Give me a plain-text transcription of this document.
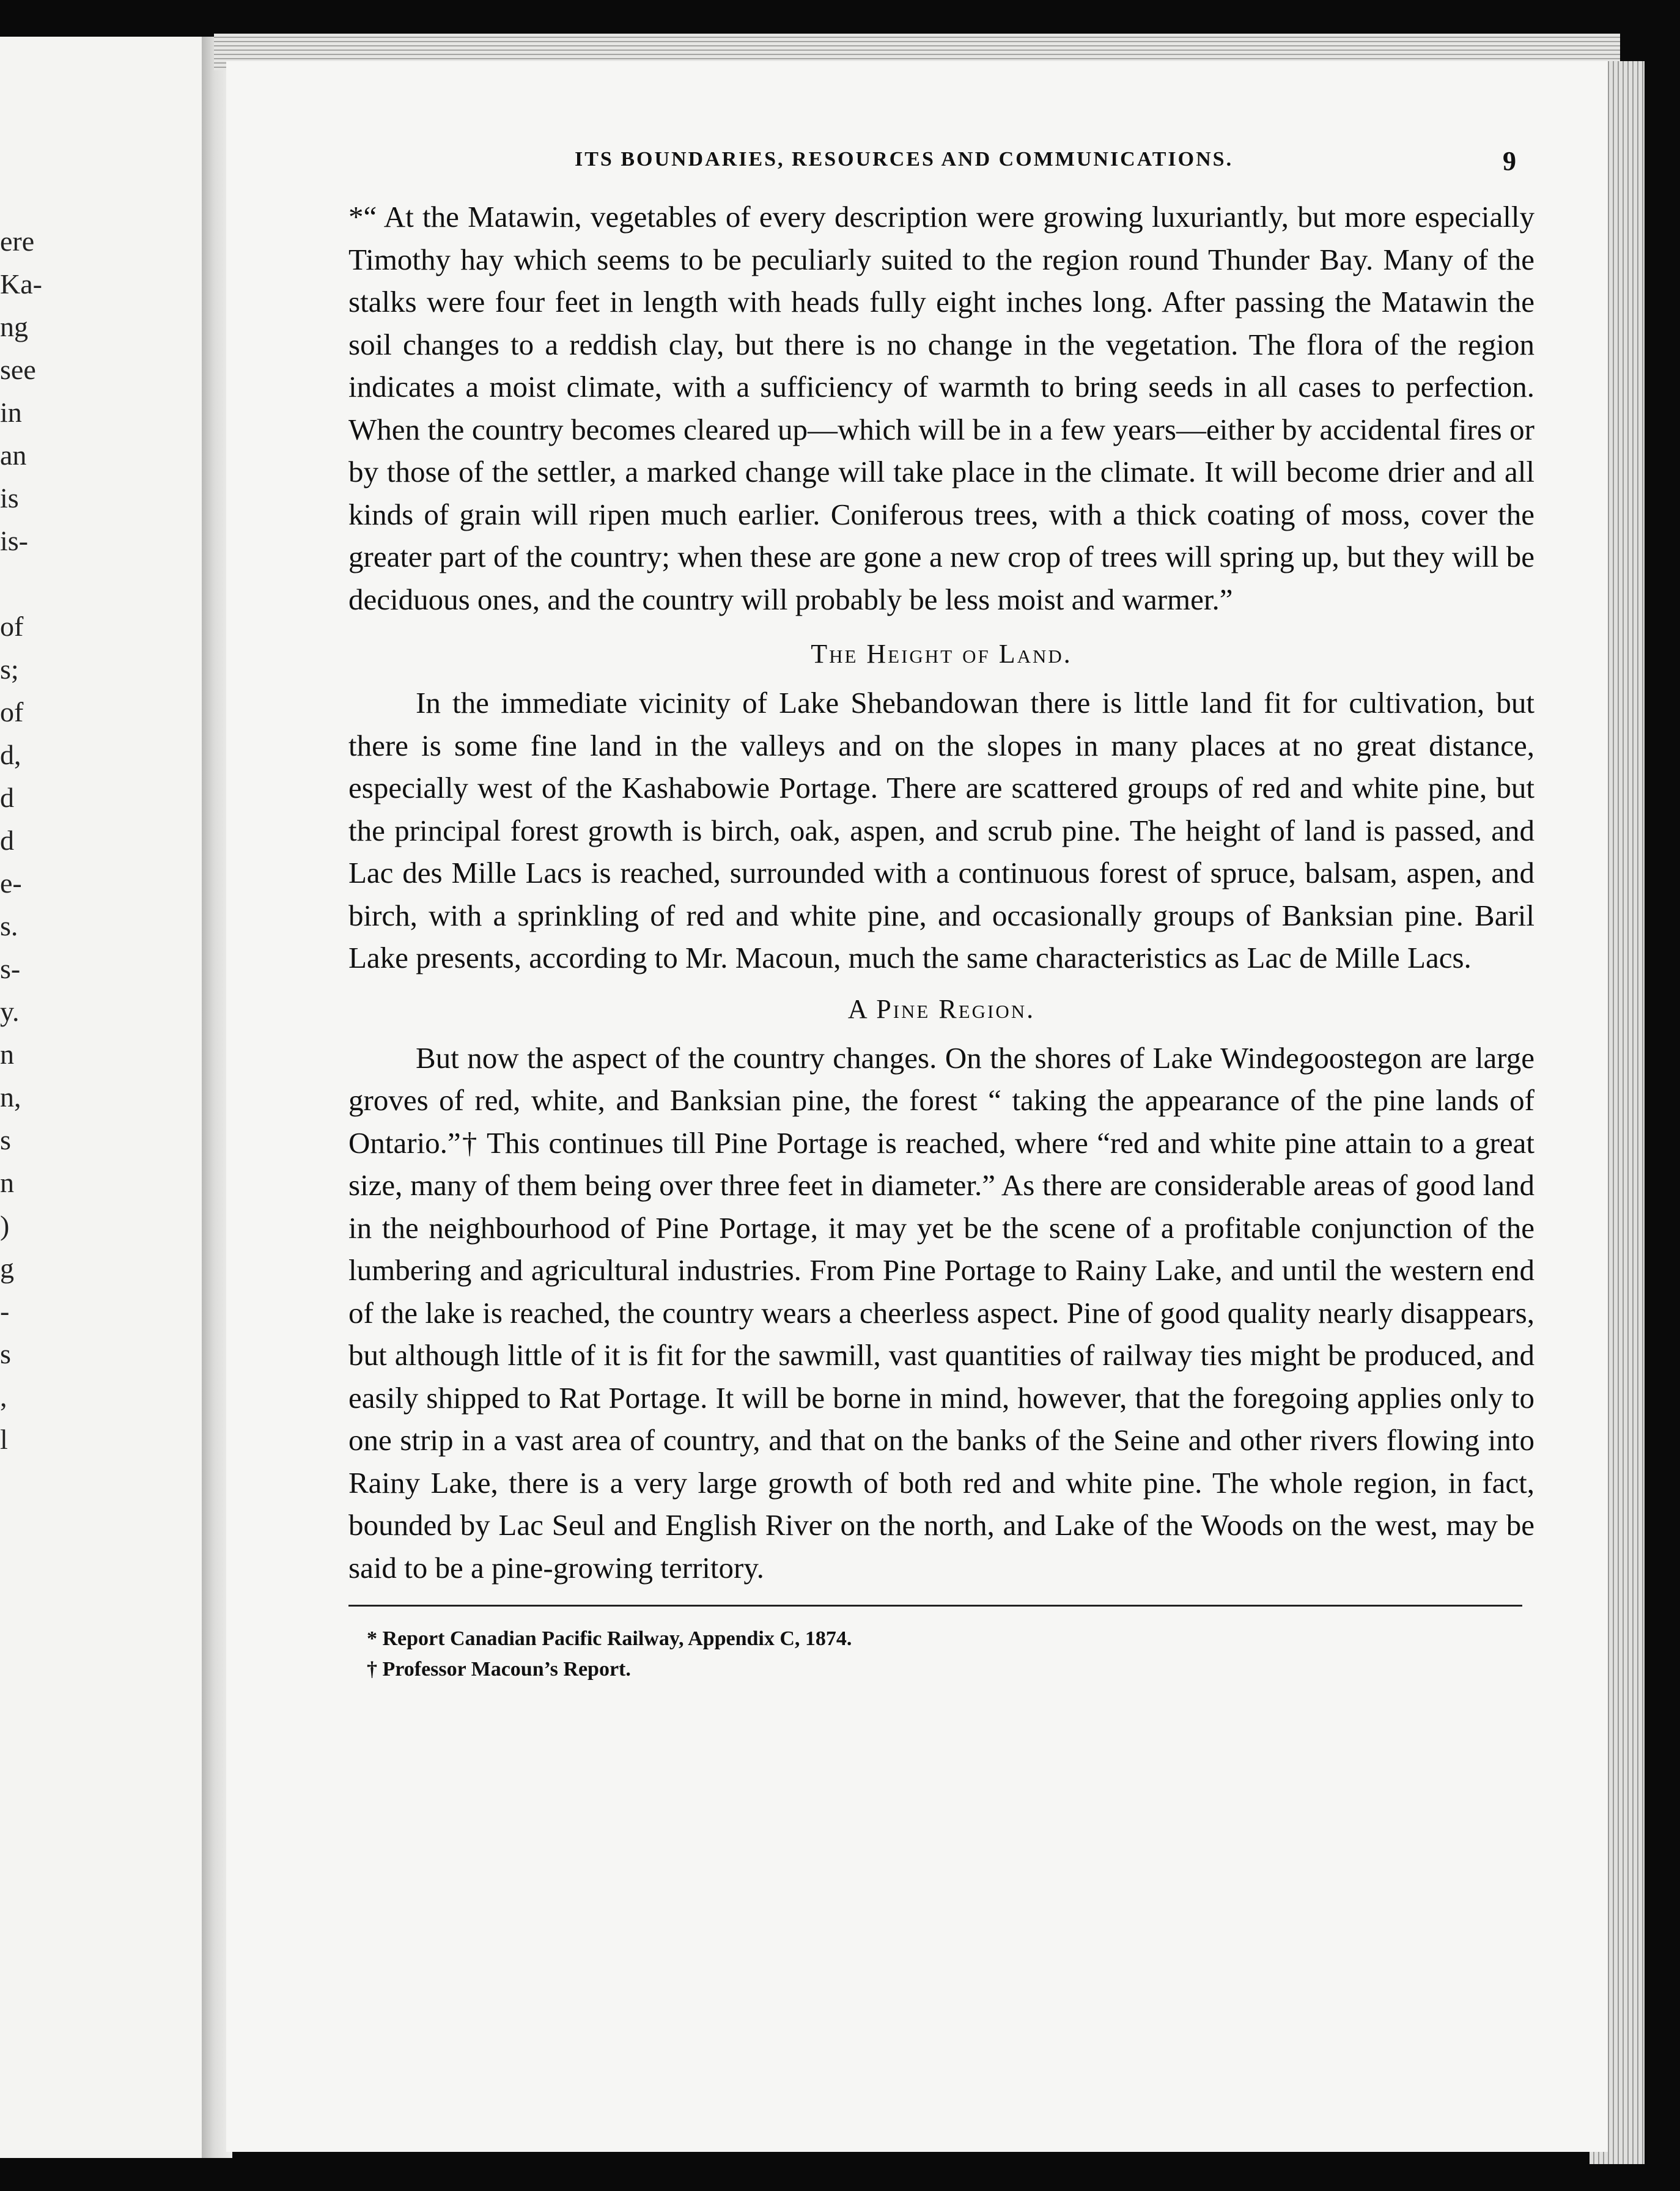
ere
Ka-
ng
see
in
an
is
is-
of
s;
of
d,
d
d
e-
s.
s-
y.
n
n,
s
n
)
g
-
s
,
l
ITS BOUNDARIES, RESOURCES AND COMMUNICATIONS.	9

*“ At the Matawin, vegetables of every description were growing luxuriantly, but more especially Timothy hay which seems to be peculiarly suited to the region round Thunder Bay. Many of the stalks were four feet in length with heads fully eight inches long. After passing the Matawin the soil changes to a reddish clay, but there is no change in the vegetation. The flora of the region indicates a moist climate, with a sufficiency of warmth to bring seeds in all cases to perfection. When the country becomes cleared up—which will be in a few years—either by accidental fires or by those of the settler, a marked change will take place in the climate. It will become drier and all kinds of grain will ripen much earlier. Coniferous trees, with a thick coating of moss, cover the greater part of the country; when these are gone a new crop of trees will spring up, but they will be deciduous ones, and the country will probably be less moist and warmer.”

The Height of Land.

In the immediate vicinity of Lake Shebandowan there is little land fit for cultivation, but there is some fine land in the valleys and on the slopes in many places at no great distance, especially west of the Kashabowie Portage. There are scattered groups of red and white pine, but the principal forest growth is birch, oak, aspen, and scrub pine. The height of land is passed, and Lac des Mille Lacs is reached, surrounded with a continuous forest of spruce, balsam, aspen, and birch, with a sprinkling of red and white pine, and occasionally groups of Banksian pine. Baril Lake presents, according to Mr. Macoun, much the same characteristics as Lac de Mille Lacs.

A Pine Region.

But now the aspect of the country changes. On the shores of Lake Windegoostegon are large groves of red, white, and Banksian pine, the forest “ taking the appearance of the pine lands of Ontario.”† This continues till Pine Portage is reached, where “red and white pine attain to a great size, many of them being over three feet in diameter.” As there are considerable areas of good land in the neighbourhood of Pine Portage, it may yet be the scene of a profitable conjunction of the lumbering and agricultural industries. From Pine Portage to Rainy Lake, and until the western end of the lake is reached, the country wears a cheerless aspect. Pine of good quality nearly disappears, but although little of it is fit for the sawmill, vast quantities of railway ties might be produced, and easily shipped to Rat Portage. It will be borne in mind, however, that the foregoing applies only to one strip in a vast area of country, and that on the banks of the Seine and other rivers flowing into Rainy Lake, there is a very large growth of both red and white pine. The whole region, in fact, bounded by Lac Seul and English River on the north, and Lake of the Woods on the west, may be said to be a pine-growing territory.

* Report Canadian Pacific Railway, Appendix C, 1874.

† Professor Macoun’s Report.
